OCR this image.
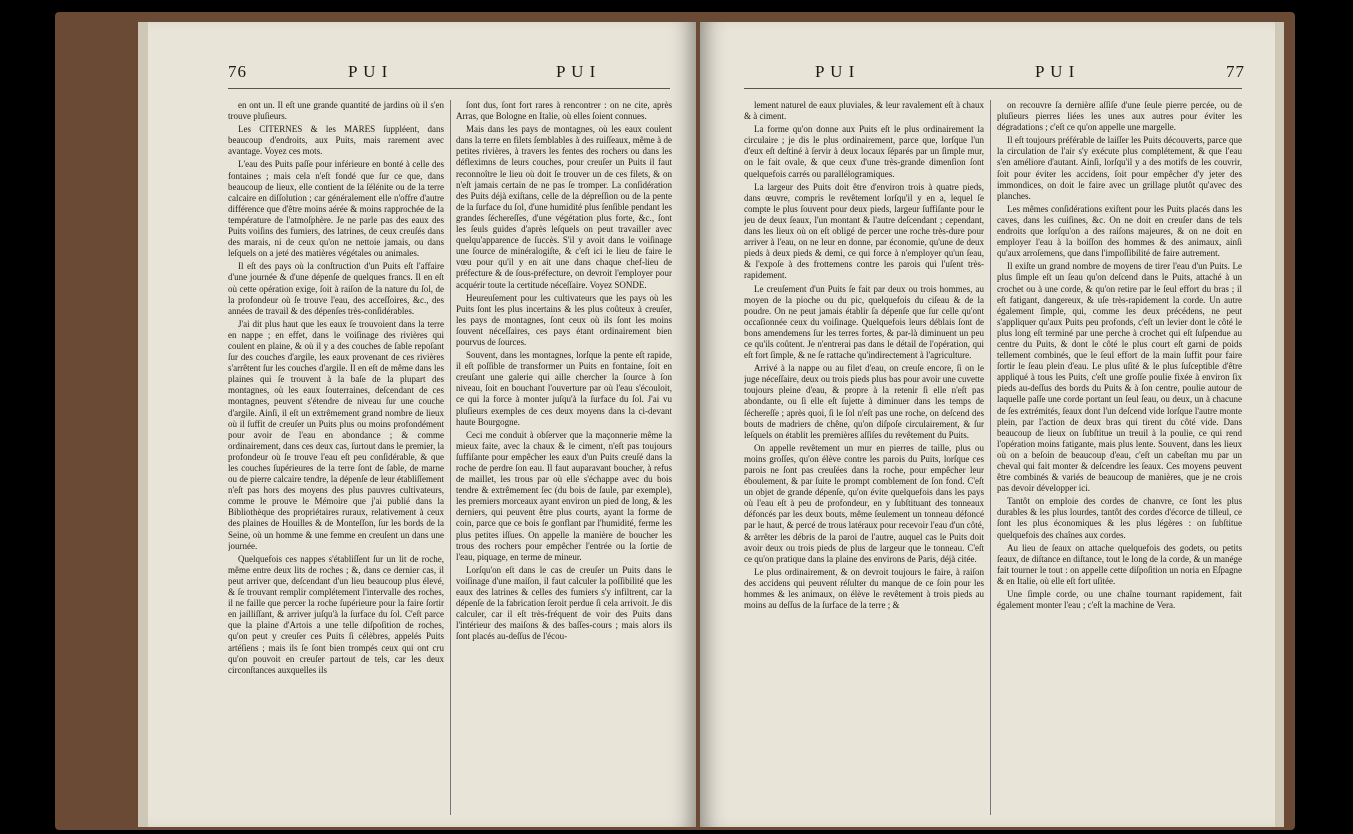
76	P U I	P U I

en ont un. Il eſt une grande quantité de jardins où il s'en trouve pluſieurs.

Les CITERNES & les MARES ſuppléent, dans beaucoup d'endroits, aux Puits, mais rarement avec avantage. Voyez ces mots.

L'eau des Puits paſſe pour inférieure en bonté à celle des fontaines ; mais cela n'eſt fondé que ſur ce que, dans beaucoup de lieux, elle contient de la ſélénite ou de la terre calcaire en diſſolution ; car généralement elle n'offre d'autre différence que d'être moins aérée & moins rapprochée de la température de l'atmoſphère. Je ne parle pas des eaux des Puits voiſins des fumiers, des latrines, de ceux creuſés dans des marais, ni de ceux qu'on ne nettoie jamais, ou dans leſquels on a jeté des matières végétales ou animales.

Il eſt des pays où la conſtruction d'un Puits eſt l'affaire d'une journée & d'une dépenſe de quelques francs. Il en eſt où cette opération exige, ſoit à raiſon de la nature du ſol, de la profondeur où ſe trouve l'eau, des acceſſoires, &c., des années de travail & des dépenſes très-conſidérables.

J'ai dit plus haut que les eaux ſe trouvoient dans la terre en nappe ; en effet, dans le voiſinage des rivières qui coulent en plaine, & où il y a des couches de ſable repoſant ſur des couches d'argile, les eaux provenant de ces rivières s'arrêtent ſur les couches d'argile. Il en eſt de même dans les plaines qui ſe trouvent à la baſe de la plupart des montagnes, où les eaux ſouterraines, deſcendant de ces montagnes, peuvent s'étendre de niveau ſur une couche d'argile. Ainſi, il eſt un extrêmement grand nombre de lieux où il ſuffit de creuſer un Puits plus ou moins profondément pour avoir de l'eau en abondance ; & comme ordinairement, dans ces deux cas, ſurtout dans le premier, la profondeur où ſe trouve l'eau eſt peu conſidérable, & que les couches ſupérieures de la terre ſont de ſable, de marne ou de pierre calcaire tendre, la dépenſe de leur établiſſement n'eſt pas hors des moyens des plus pauvres cultivateurs, comme le prouve le Mémoire que j'ai publié dans la Bibliothèque des propriétaires ruraux, relativement à ceux des plaines de Houilles & de Monteſſon, ſur les bords de la Seine, où un homme & une femme en creuſent un dans une journée.

Quelquefois ces nappes s'établiſſent ſur un lit de roche, même entre deux lits de roches ; &, dans ce dernier cas, il peut arriver que, deſcendant d'un lieu beaucoup plus élevé, & ſe trouvant remplir complétement l'intervalle des roches, il ne faille que percer la roche ſupérieure pour la faire ſortir en jailliſſant, & arriver juſqu'à la ſurface du ſol. C'eſt parce que la plaine d'Artois a une telle diſpoſition de roches, qu'on peut y creuſer ces Puits ſi célèbres, appelés Puits artéſiens ; mais ils ſe ſont bien trompés ceux qui ont cru qu'on pouvoit en creuſer partout de tels, car les deux circonſtances auxquelles ils

ſont dus, ſont fort rares à rencontrer : on ne cite, après Arras, que Bologne en Italie, où elles ſoient connues.

Mais dans les pays de montagnes, où les eaux coulent dans la terre en filets ſemblables à des ruiſſeaux, même à de petites rivières, à travers les fentes des rochers ou dans les défleximns de leurs couches, pour creuſer un Puits il faut reconnoître le lieu où doit ſe trouver un de ces filets, & on n'eſt jamais certain de ne pas ſe tromper. La conſidération des Puits déjà exiſtans, celle de la dépreſſion ou de la pente de la ſurface du ſol, d'une humidité plus ſenſible pendant les grandes ſéchereſſes, d'une végétation plus forte, &c., ſont les ſeuls guides d'après leſquels on peut travailler avec quelqu'apparence de ſuccès. S'il y avoit dans le voiſinage une ſource de minéralogiſte, & c'eſt ici le lieu de faire le vœu pour qu'il y en ait une dans chaque chef-lieu de préfecture & de ſous-préfecture, on devroit l'employer pour acquérir toute la certitude néceſſaire. Voyez SONDE.

Heureuſement pour les cultivateurs que les pays où les Puits ſont les plus incertains & les plus coûteux à creuſer, les pays de montagnes, ſont ceux où ils ſont les moins ſouvent néceſſaires, ces pays étant ordinairement bien pourvus de ſources.

Souvent, dans les montagnes, lorſque la pente eſt rapide, il eſt poſſible de transformer un Puits en fontaine, ſoit en creuſant une galerie qui aille chercher la ſource à ſon niveau, ſoit en bouchant l'ouverture par où l'eau s'écouloit, ce qui la force à monter juſqu'à la ſurface du ſol. J'ai vu pluſieurs exemples de ces deux moyens dans la ci-devant haute Bourgogne.

Ceci me conduit à obſerver que la maçonnerie même la mieux faite, avec la chaux & le ciment, n'eſt pas toujours ſuffiſante pour empêcher les eaux d'un Puits creuſé dans la roche de perdre ſon eau. Il faut auparavant boucher, à refus de maillet, les trous par où elle s'échappe avec du bois tendre & extrêmement ſec (du bois de ſaule, par exemple), les premiers morceaux ayant environ un pied de long, & les derniers, qui peuvent être plus courts, ayant la forme de coin, parce que ce bois ſe gonflant par l'humidité, ferme les plus petites iſſues. On appelle la manière de boucher les trous des rochers pour empêcher l'entrée ou la ſortie de l'eau, piquage, en terme de mineur.

Lorſqu'on eſt dans le cas de creuſer un Puits dans le voiſinage d'une maiſon, il faut calculer la poſſibilité que les eaux des latrines & celles des fumiers s'y infiltrent, car la dépenſe de la fabrication ſeroit perdue ſi cela arrivoit. Je dis calculer, car il eſt très-fréquent de voir des Puits dans l'intérieur des maiſons & des baſſes-cours ; mais alors ils ſont placés au-deſſus de l'écou-

P U I	P U I	77

lement naturel de eaux pluviales, & leur ravalement eſt à chaux & à ciment.

La forme qu'on donne aux Puits eſt le plus ordinairement la circulaire ; je dis le plus ordinairement, parce que, lorſque l'un d'eux eſt deſtiné à ſervir à deux locaux ſéparés par un ſimple mur, on le fait ovale, & que ceux d'une très-grande dimenſion ſont quelquefois carrés ou parallélogramiques.

La largeur des Puits doit être d'environ trois à quatre pieds, dans œuvre, compris le revêtement lorſqu'il y en a, lequel ſe compte le plus ſouvent pour deux pieds, largeur ſuffiſante pour le jeu de deux ſeaux, l'un montant & l'autre deſcendant ; cependant, dans les lieux où on eſt obligé de percer une roche très-dure pour arriver à l'eau, on ne leur en donne, par économie, qu'une de deux pieds à deux pieds & demi, ce qui force à n'employer qu'un ſeau, & l'expoſe à des frottemens contre les parois qui l'uſent très-rapidement.

Le creuſement d'un Puits ſe fait par deux ou trois hommes, au moyen de la pioche ou du pic, quelquefois du ciſeau & de la poudre. On ne peut jamais établir ſa dépenſe que ſur celle qu'ont occaſionnée ceux du voiſinage. Quelquefois leurs déblais ſont de bons amendemens ſur les terres fortes, & par-là diminuent un peu ce qu'ils coûtent. Je n'entrerai pas dans le détail de l'opération, qui eſt fort ſimple, & ne ſe rattache qu'indirectement à l'agriculture.

Arrivé à la nappe ou au filet d'eau, on creuſe encore, ſi on le juge néceſſaire, deux ou trois pieds plus bas pour avoir une cuvette toujours pleine d'eau, & propre à la retenir ſi elle n'eſt pas abondante, ou ſi elle eſt ſujette à diminuer dans les temps de ſéchereſſe ; après quoi, ſi le ſol n'eſt pas une roche, on deſcend des bouts de madriers de chêne, qu'on diſpoſe circulairement, & ſur leſquels on établit les premières aſſiſes du revêtement du Puits.

On appelle revêtement un mur en pierres de taille, plus ou moins groſſes, qu'on élève contre les parois du Puits, lorſque ces parois ne ſont pas creuſées dans la roche, pour empêcher leur éboulement, & par ſuite le prompt comblement de ſon fond. C'eſt un objet de grande dépenſe, qu'on évite quelquefois dans les pays où l'eau eſt à peu de profondeur, en y ſubſtituant des tonneaux défoncés par les deux bouts, même ſeulement un tonneau défoncé par le haut, & percé de trous latéraux pour recevoir l'eau d'un côté, & arrêter les débris de la paroi de l'autre, auquel cas le Puits doit avoir deux ou trois pieds de plus de largeur que le tonneau. C'eſt ce qu'on pratique dans la plaine des environs de Paris, déjà citée.

Le plus ordinairement, & on devroit toujours le faire, à raiſon des accidens qui peuvent réſulter du manque de ce ſoin pour les hommes & les animaux, on élève le revêtement à trois pieds au moins au deſſus de la ſurface de la terre ; &

on recouvre ſa dernière aſſiſe d'une ſeule pierre percée, ou de pluſieurs pierres liées les unes aux autres pour éviter les dégradations ; c'eſt ce qu'on appelle une margelle.

Il eſt toujours préférable de laiſſer les Puits découverts, parce que la circulation de l'air s'y exécute plus complétement, & que l'eau s'en améliore d'autant. Ainſi, lorſqu'il y a des motifs de les couvrir, ſoit pour éviter les accidens, ſoit pour empêcher d'y jeter des immondices, on doit le faire avec un grillage plutôt qu'avec des planches.

Les mêmes conſidérations exiſtent pour les Puits placés dans les caves, dans les cuiſines, &c. On ne doit en creuſer dans de tels endroits que lorſqu'on a des raiſons majeures, & on ne doit en employer l'eau à la boiſſon des hommes & des animaux, ainſi qu'aux arroſemens, que dans l'impoſſibilité de faire autrement.

Il exiſte un grand nombre de moyens de tirer l'eau d'un Puits. Le plus ſimple eſt un ſeau qu'on deſcend dans le Puits, attaché à un crochet ou à une corde, & qu'on retire par le ſeul effort du bras ; il eſt fatigant, dangereux, & uſe très-rapidement la corde. Un autre également ſimple, qui, comme les deux précédens, ne peut s'appliquer qu'aux Puits peu profonds, c'eſt un levier dont le côté le plus long eſt terminé par une perche à crochet qui eſt ſuſpendue au centre du Puits, & dont le côté le plus court eſt garni de poids tellement combinés, que le ſeul effort de la main ſuffit pour faire ſortir le ſeau plein d'eau. Le plus uſité & le plus ſuſceptible d'être appliqué à tous les Puits, c'eſt une groſſe poulie fixée à environ ſix pieds au-deſſus des bords du Puits & à ſon centre, poulie autour de laquelle paſſe une corde portant un ſeul ſeau, ou deux, un à chacune de ſes extrémités, ſeaux dont l'un deſcend vide lorſque l'autre monte plein, par l'action de deux bras qui tirent du côté vide. Dans beaucoup de lieux on ſubſtitue un treuil à la poulie, ce qui rend l'opération moins fatigante, mais plus lente. Souvent, dans les lieux où on a beſoin de beaucoup d'eau, c'eſt un cabeſtan mu par un cheval qui fait monter & deſcendre les ſeaux. Ces moyens peuvent être combinés & variés de beaucoup de manières, que je ne crois pas devoir développer ici.

Tantôt on emploie des cordes de chanvre, ce ſont les plus durables & les plus lourdes, tantôt des cordes d'écorce de tilleul, ce ſont les plus économiques & les plus légères : on ſubſtitue quelquefois des chaînes aux cordes.

Au lieu de ſeaux on attache quelquefois des godets, ou petits ſeaux, de diſtance en diſtance, tout le long de la corde, & un manége fait tourner le tout : on appelle cette diſpoſition un noria en Eſpagne & en Italie, où elle eſt fort uſitée.

Une ſimple corde, ou une chaîne tournant rapidement, fait également monter l'eau ; c'eſt la machine de Vera.
